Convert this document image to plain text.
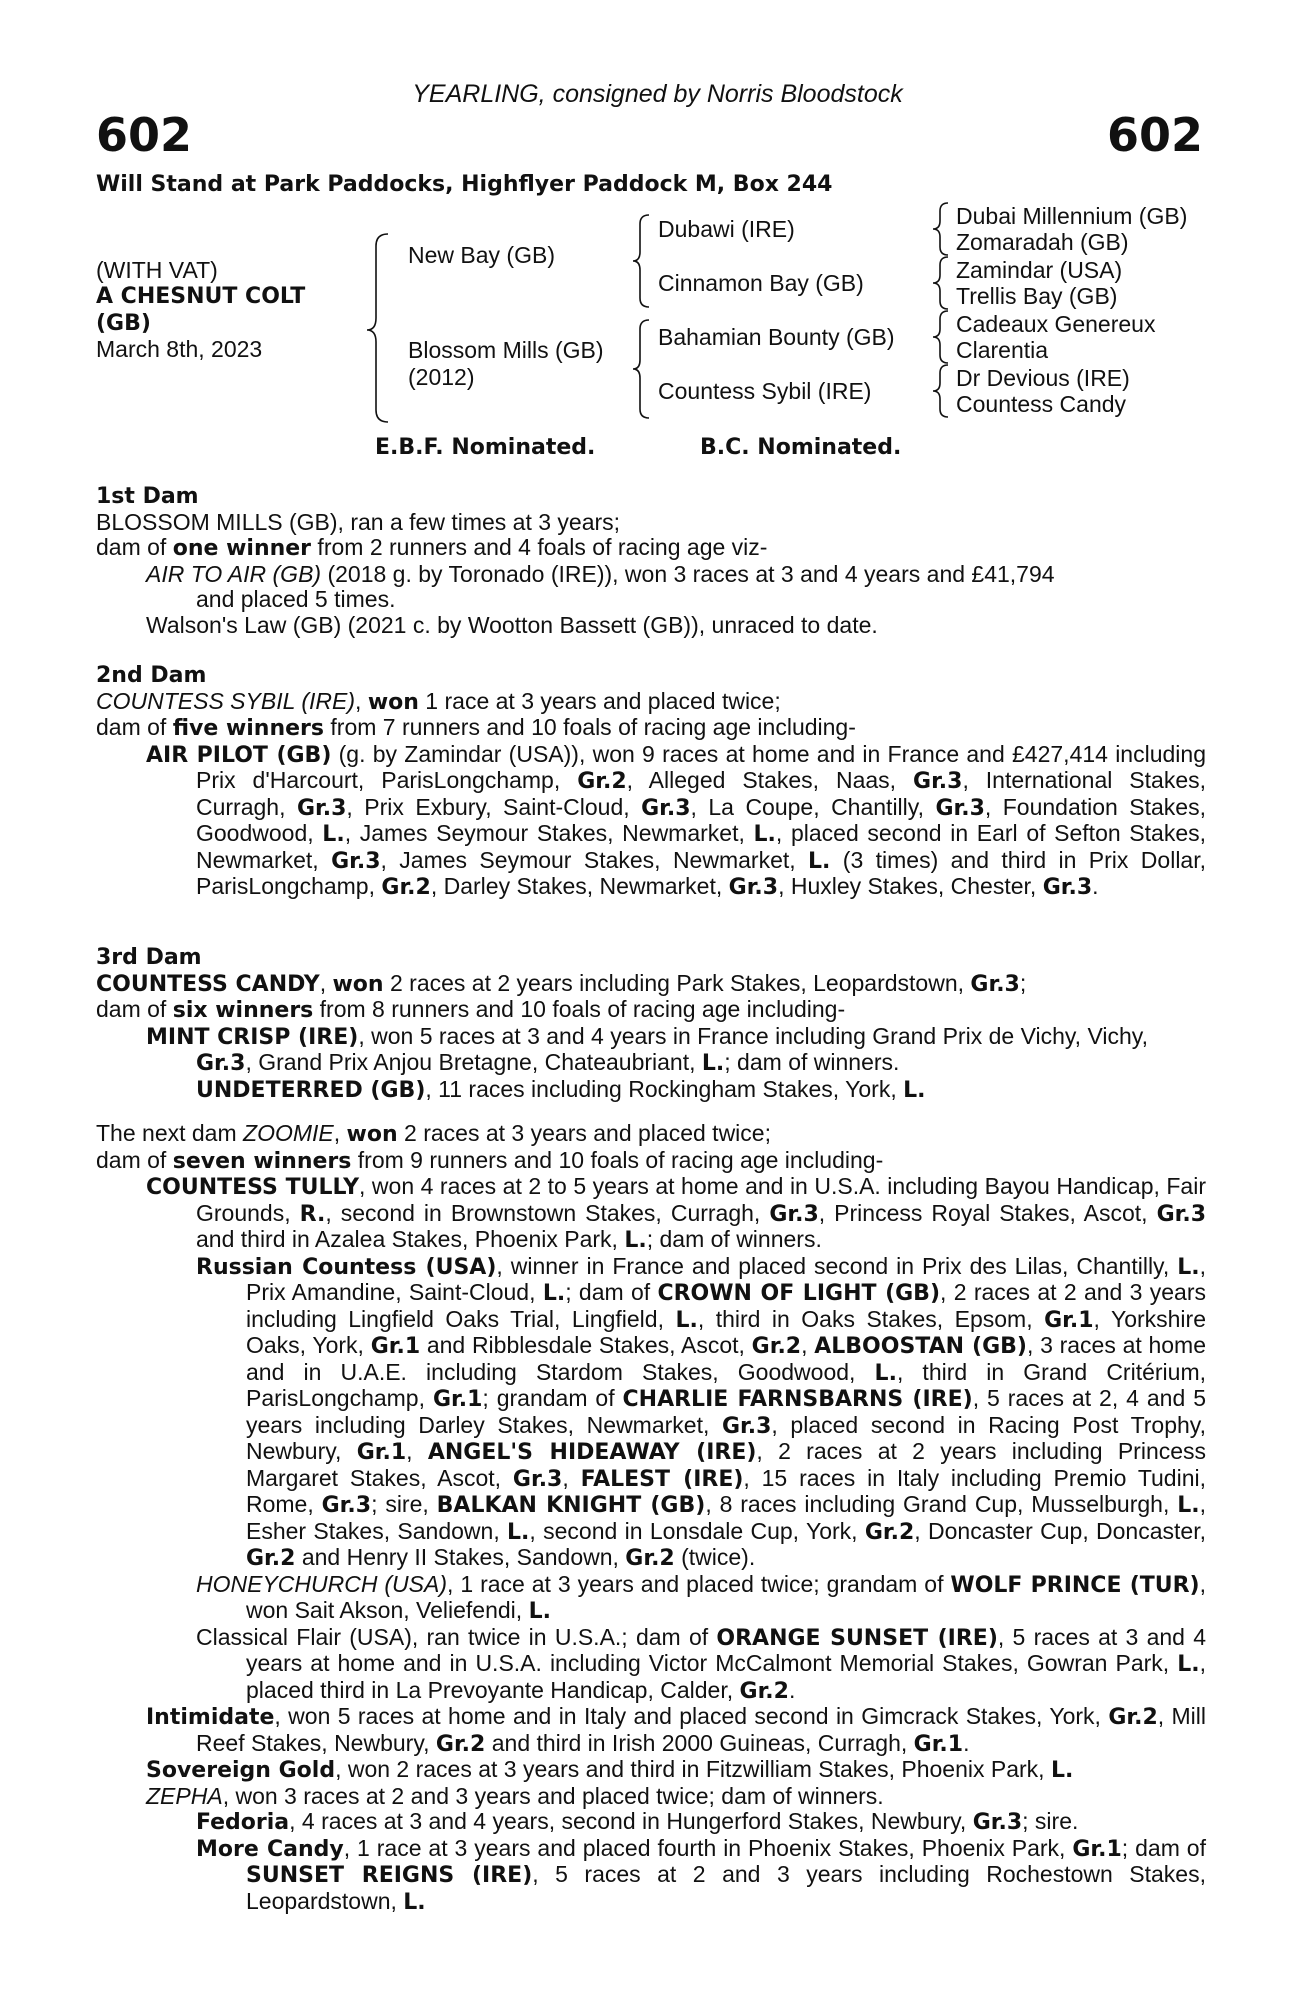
YEARLING, consigned by Norris Bloodstock
602	602
Will Stand at Park Paddocks, Highflyer Paddock M, Box 244
(WITH VAT)
A CHESNUT COLT
(GB)
March 8th, 2023
New Bay (GB)
Blossom Mills (GB)
(2012)
Dubawi (IRE)
Cinnamon Bay (GB)
Bahamian Bounty (GB)
Countess Sybil (IRE)
Dubai Millennium (GB)
Zomaradah (GB)
Zamindar (USA)
Trellis Bay (GB)
Cadeaux Genereux
Clarentia
Dr Devious (IRE)
Countess Candy
E.B.F. Nominated.	B.C. Nominated.

1st Dam

BLOSSOM MILLS (GB), ran a few times at 3 years;

dam of one winner from 2 runners and 4 foals of racing age viz-

AIR TO AIR (GB) (2018 g. by Toronado (IRE)), won 3 races at 3 and 4 years and £41,794

and placed 5 times.

Walson's Law (GB) (2021 c. by Wootton Bassett (GB)), unraced to date.

2nd Dam

COUNTESS SYBIL (IRE), won 1 race at 3 years and placed twice;

dam of five winners from 7 runners and 10 foals of racing age including-

AIR PILOT (GB) (g. by Zamindar (USA)), won 9 races at home and in France and £427,414 including Prix d'Harcourt, ParisLongchamp, Gr.2, Alleged Stakes, Naas, Gr.3, International Stakes, Curragh, Gr.3, Prix Exbury, Saint-Cloud, Gr.3, La Coupe, Chantilly, Gr.3, Foundation Stakes, Goodwood, L., James Seymour Stakes, Newmarket, L., placed second in Earl of Sefton Stakes, Newmarket, Gr.3, James Seymour Stakes, Newmarket, L. (3 times) and third in Prix Dollar, ParisLongchamp, Gr.2, Darley Stakes, Newmarket, Gr.3, Huxley Stakes, Chester, Gr.3.

3rd Dam

COUNTESS CANDY, won 2 races at 2 years including Park Stakes, Leopardstown, Gr.3;

dam of six winners from 8 runners and 10 foals of racing age including-

MINT CRISP (IRE), won 5 races at 3 and 4 years in France including Grand Prix de Vichy, Vichy, Gr.3, Grand Prix Anjou Bretagne, Chateaubriant, L.; dam of winners.

UNDETERRED (GB), 11 races including Rockingham Stakes, York, L.

The next dam ZOOMIE, won 2 races at 3 years and placed twice;

dam of seven winners from 9 runners and 10 foals of racing age including-

COUNTESS TULLY, won 4 races at 2 to 5 years at home and in U.S.A. including Bayou Handicap, Fair Grounds, R., second in Brownstown Stakes, Curragh, Gr.3, Princess Royal Stakes, Ascot, Gr.3 and third in Azalea Stakes, Phoenix Park, L.; dam of winners.

Russian Countess (USA), winner in France and placed second in Prix des Lilas, Chantilly, L., Prix Amandine, Saint-Cloud, L.; dam of CROWN OF LIGHT (GB), 2 races at 2 and 3 years including Lingfield Oaks Trial, Lingfield, L., third in Oaks Stakes, Epsom, Gr.1, Yorkshire Oaks, York, Gr.1 and Ribblesdale Stakes, Ascot, Gr.2, ALBOOSTAN (GB), 3 races at home and in U.A.E. including Stardom Stakes, Goodwood, L., third in Grand Critérium, ParisLongchamp, Gr.1; grandam of CHARLIE FARNSBARNS (IRE), 5 races at 2, 4 and 5 years including Darley Stakes, Newmarket, Gr.3, placed second in Racing Post Trophy, Newbury, Gr.1, ANGEL'S HIDEAWAY (IRE), 2 races at 2 years including Princess Margaret Stakes, Ascot, Gr.3, FALEST (IRE), 15 races in Italy including Premio Tudini, Rome, Gr.3; sire, BALKAN KNIGHT (GB), 8 races including Grand Cup, Musselburgh, L., Esher Stakes, Sandown, L., second in Lonsdale Cup, York, Gr.2, Doncaster Cup, Doncaster, Gr.2 and Henry II Stakes, Sandown, Gr.2 (twice).

HONEYCHURCH (USA), 1 race at 3 years and placed twice; grandam of WOLF PRINCE (TUR), won Sait Akson, Veliefendi, L.

Classical Flair (USA), ran twice in U.S.A.; dam of ORANGE SUNSET (IRE), 5 races at 3 and 4 years at home and in U.S.A. including Victor McCalmont Memorial Stakes, Gowran Park, L., placed third in La Prevoyante Handicap, Calder, Gr.2.

Intimidate, won 5 races at home and in Italy and placed second in Gimcrack Stakes, York, Gr.2, Mill Reef Stakes, Newbury, Gr.2 and third in Irish 2000 Guineas, Curragh, Gr.1.

Sovereign Gold, won 2 races at 3 years and third in Fitzwilliam Stakes, Phoenix Park, L.

ZEPHA, won 3 races at 2 and 3 years and placed twice; dam of winners.

Fedoria, 4 races at 3 and 4 years, second in Hungerford Stakes, Newbury, Gr.3; sire.

More Candy, 1 race at 3 years and placed fourth in Phoenix Stakes, Phoenix Park, Gr.1; dam of SUNSET REIGNS (IRE), 5 races at 2 and 3 years including Rochestown Stakes, Leopardstown, L.
